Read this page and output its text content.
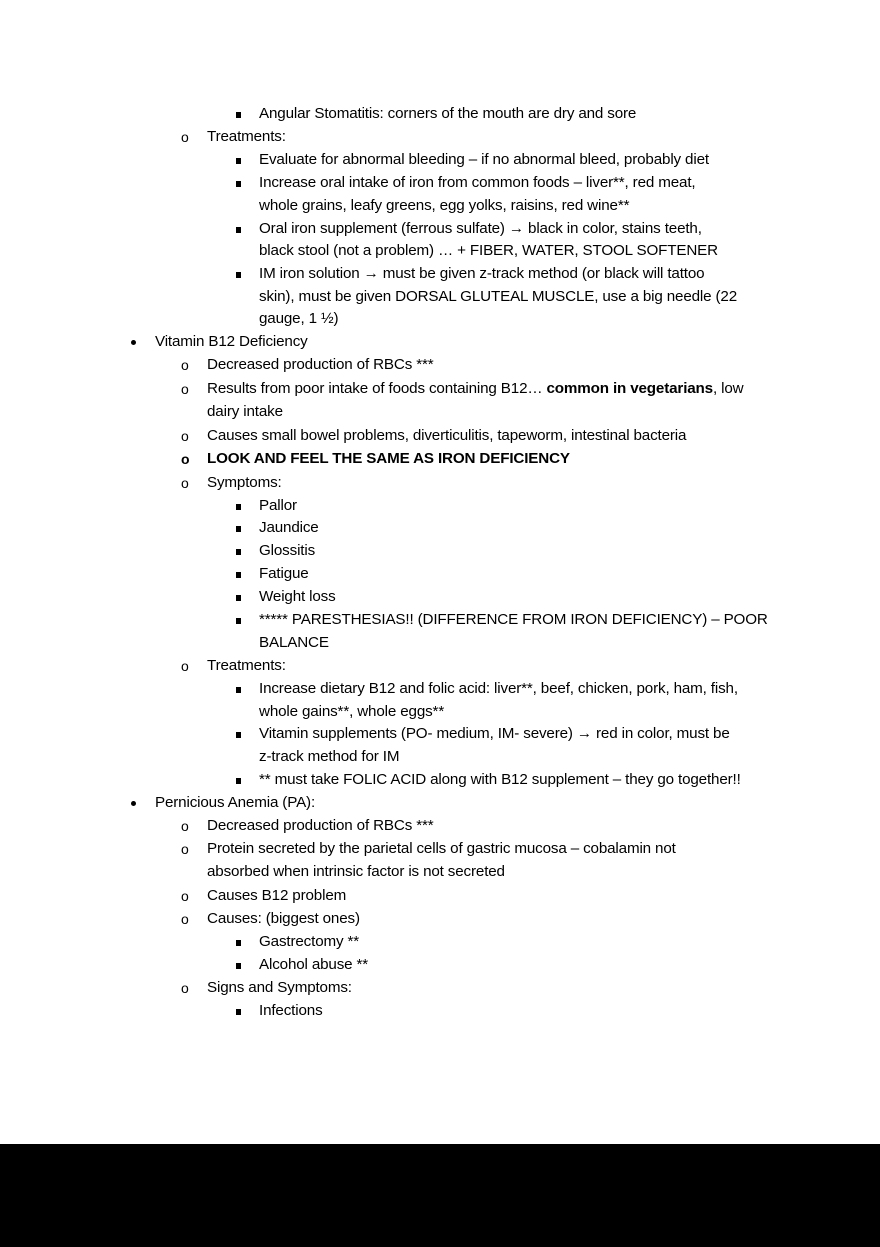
Angular Stomatitis: corners of the mouth are dry and sore
o Treatments:
Evaluate for abnormal bleeding – if no abnormal bleed, probably diet
Increase oral intake of iron from common foods – liver**, red meat,
whole grains, leafy greens, egg yolks, raisins, red wine**
Oral iron supplement (ferrous sulfate) → black in color, stains teeth,
black stool (not a problem) … + FIBER, WATER, STOOL SOFTENER
IM iron solution → must be given z-track method (or black will tattoo
skin), must be given DORSAL GLUTEAL MUSCLE, use a big needle (22
gauge, 1 ½)
Vitamin B12 Deficiency
o Decreased production of RBCs ***
o Results from poor intake of foods containing B12… common in vegetarians, low
dairy intake
o Causes small bowel problems, diverticulitis, tapeworm, intestinal bacteria
o LOOK AND FEEL THE SAME AS IRON DEFICIENCY
o Symptoms:
Pallor
Jaundice
Glossitis
Fatigue
Weight loss
***** PARESTHESIAS!! (DIFFERENCE FROM IRON DEFICIENCY) – POOR
BALANCE
o Treatments:
Increase dietary B12 and folic acid: liver**, beef, chicken, pork, ham, fish,
whole gains**, whole eggs**
Vitamin supplements (PO- medium, IM- severe) → red in color, must be
z-track method for IM
** must take FOLIC ACID along with B12 supplement – they go together!!
Pernicious Anemia (PA):
o Decreased production of RBCs ***
o Protein secreted by the parietal cells of gastric mucosa – cobalamin not
absorbed when intrinsic factor is not secreted
o Causes B12 problem
o Causes: (biggest ones)
Gastrectomy **
Alcohol abuse **
o Signs and Symptoms:
Infections
